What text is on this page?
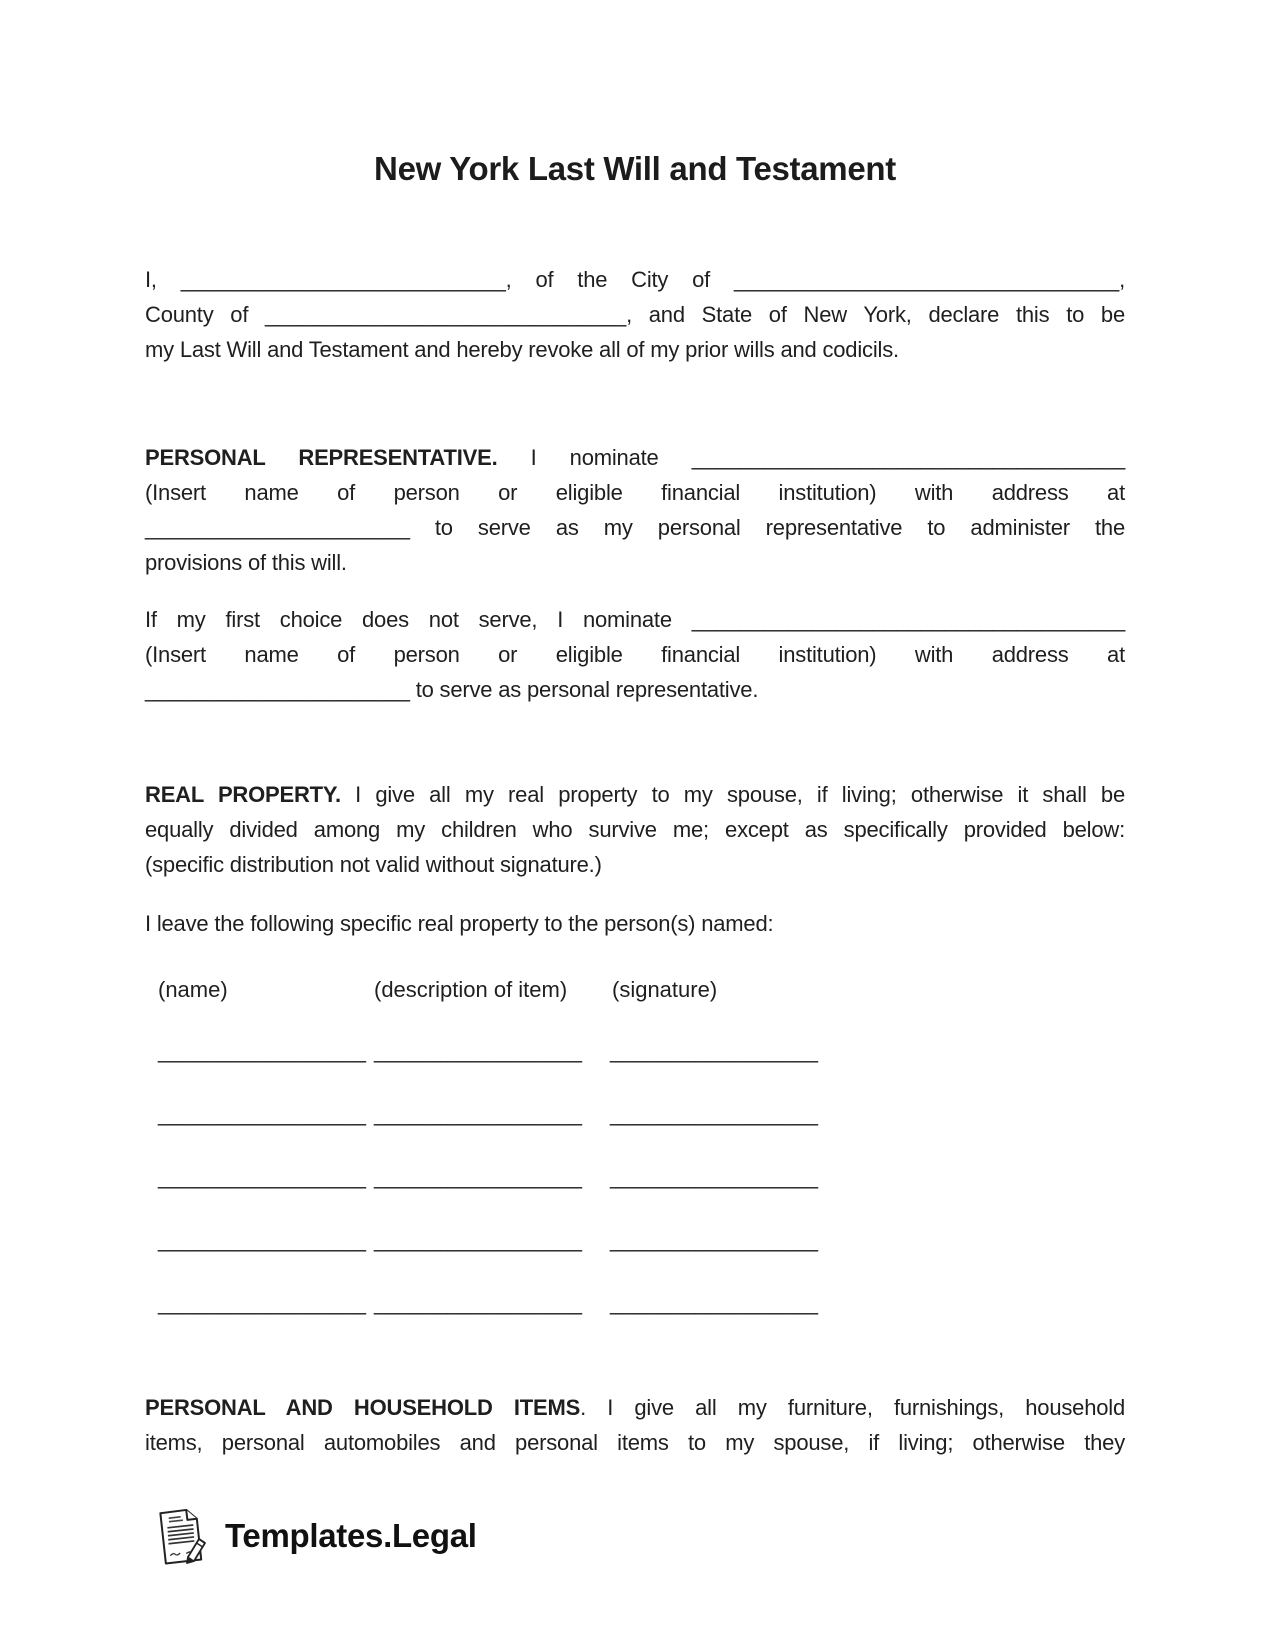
New York Last Will and Testament
I, ___________________________, of the City of ________________________________,
County of ______________________________, and State of New York, declare this to be
my Last Will and Testament and hereby revoke all of my prior wills and codicils.
PERSONAL REPRESENTATIVE. I nominate ____________________________________
(Insert name of person or eligible financial institution) with address at
______________________ to serve as my personal representative to administer the
provisions of this will.
If my first choice does not serve, I nominate ____________________________________
(Insert name of person or eligible financial institution) with address at
______________________ to serve as personal representative.
REAL PROPERTY. I give all my real property to my spouse, if living; otherwise it shall be
equally divided among my children who survive me; except as specifically provided below:
(specific distribution not valid without signature.)
I leave the following specific real property to the person(s) named:
(name)	(description of item) (signature)
_________________ _________________ _________________
_________________ _________________ _________________
_________________ _________________ _________________
_________________ _________________ _________________
_________________ _________________ _________________
PERSONAL AND HOUSEHOLD ITEMS. I give all my furniture, furnishings, household
items, personal automobiles and personal items to my spouse, if living; otherwise they
Templates.Legal
